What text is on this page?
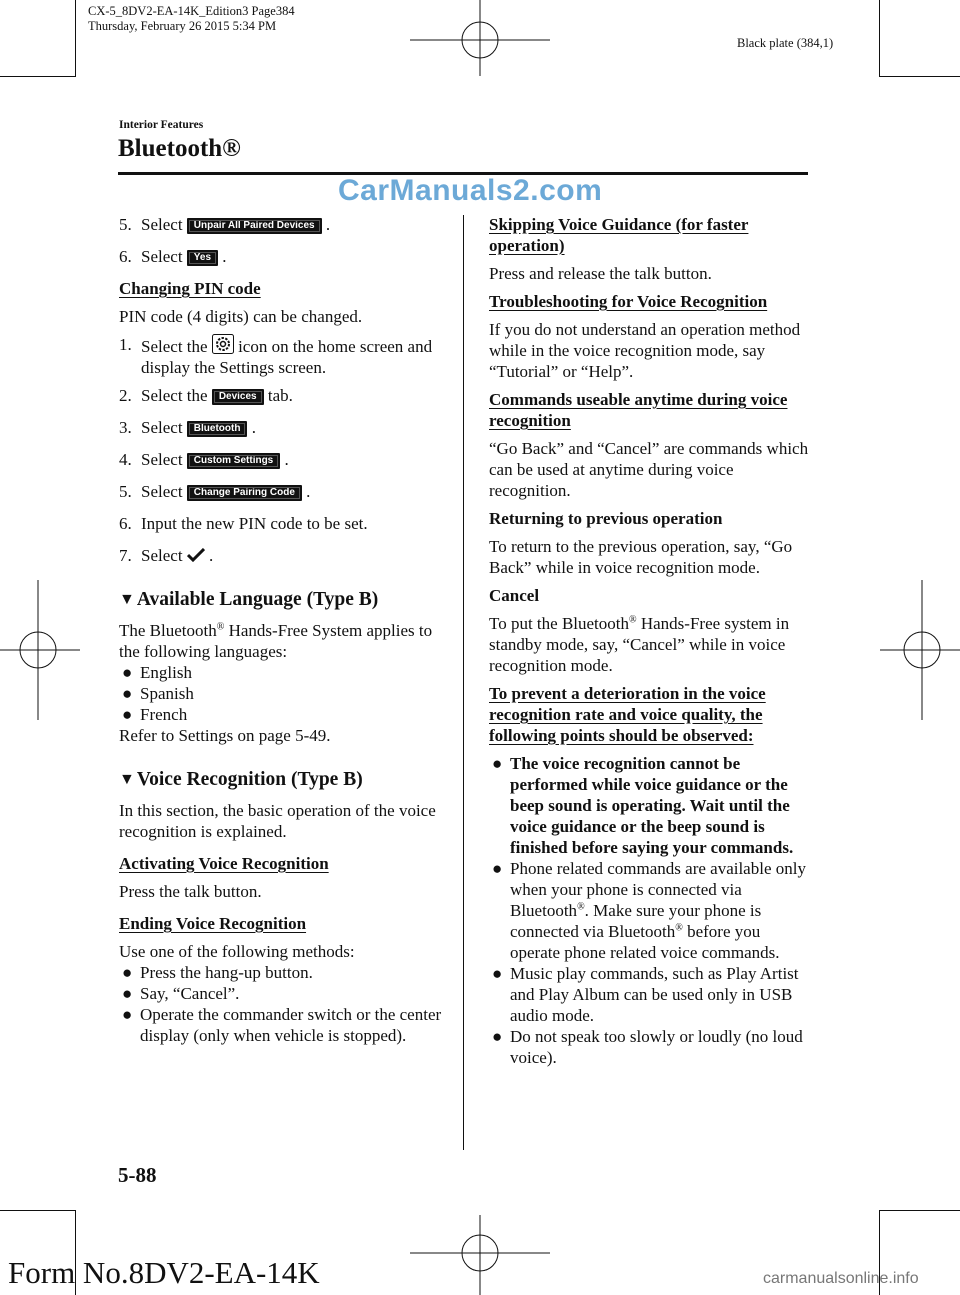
CX-5_8DV2-EA-14K_Edition3 Page384
Thursday, February 26 2015 5:34 PM
Black plate (384,1)
Interior Features
Bluetooth®
CarManuals2.com
5. Select Unpair All Paired Devices .
6. Select Yes .

Changing PIN code

PIN code (4 digits) can be changed.

1. Select the icon on the home screen and display the Settings screen.
2. Select the Devices tab.
3. Select Bluetooth .
4. Select Custom Settings .
5. Select Change Pairing Code .
6. Input the new PIN code to be set.
7. Select .

▼ Available Language (Type B)

The Bluetooth® Hands-Free System applies to the following languages:

● English
● Spanish
● French

Refer to Settings on page 5-49.

▼ Voice Recognition (Type B)

In this section, the basic operation of the voice recognition is explained.

Activating Voice Recognition

Press the talk button.

Ending Voice Recognition

Use one of the following methods:

● Press the hang-up button.
● Say, “Cancel”.
● Operate the commander switch or the center display (only when vehicle is stopped).

Skipping Voice Guidance (for faster operation)

Press and release the talk button.

Troubleshooting for Voice Recognition

If you do not understand an operation method while in the voice recognition mode, say “Tutorial” or “Help”.

Commands useable anytime during voice recognition

“Go Back” and “Cancel” are commands which can be used at anytime during voice recognition.

Returning to previous operation

To return to the previous operation, say, “Go Back” while in voice recognition mode.

Cancel

To put the Bluetooth® Hands-Free system in standby mode, say, “Cancel” while in voice recognition mode.

To prevent a deterioration in the voice recognition rate and voice quality, the following points should be observed:

● The voice recognition cannot be performed while voice guidance or the beep sound is operating. Wait until the voice guidance or the beep sound is finished before saying your commands.
● Phone related commands are available only when your phone is connected via Bluetooth®. Make sure your phone is connected via Bluetooth® before you operate phone related voice commands.
● Music play commands, such as Play Artist and Play Album can be used only in USB audio mode.
● Do not speak too slowly or loudly (no loud voice).
5-88
Form No.8DV2-EA-14K	carmanualsonline.info
